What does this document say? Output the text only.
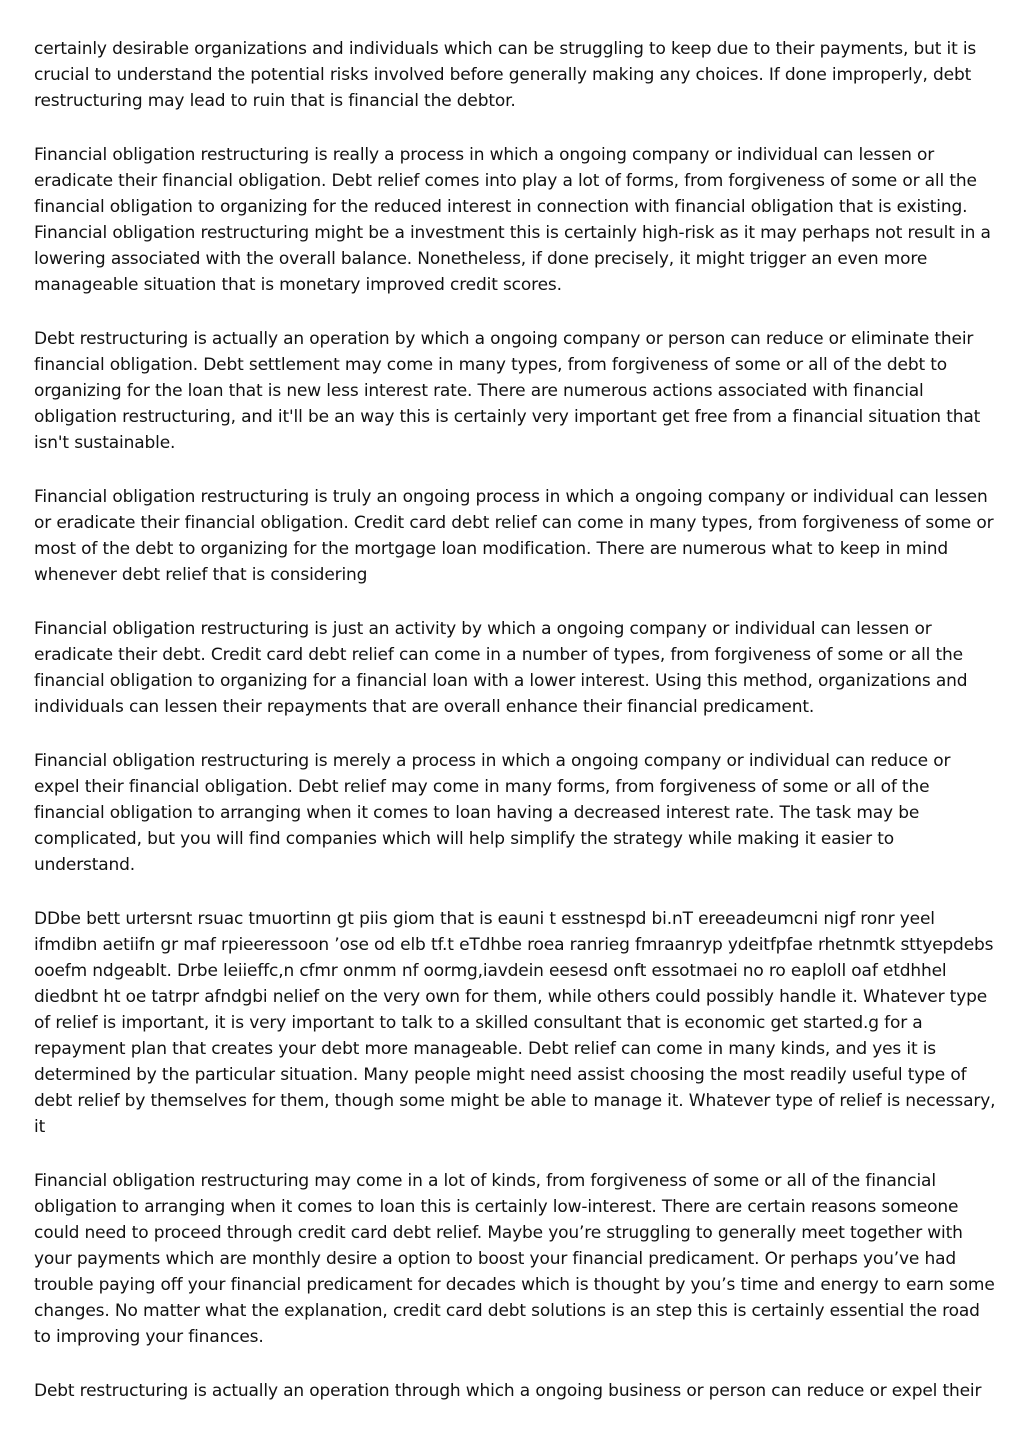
certainly desirable organizations and individuals which can be struggling to keep due to their payments, but it is crucial to understand the potential risks involved before generally making any choices. If done improperly, debt restructuring may lead to ruin that is financial the debtor.

Financial obligation restructuring is really a process in which a ongoing company or individual can lessen or eradicate their financial obligation. Debt relief comes into play a lot of forms, from forgiveness of some or all the financial obligation to organizing for the reduced interest in connection with financial obligation that is existing. Financial obligation restructuring might be a investment this is certainly high-risk as it may perhaps not result in a lowering associated with the overall balance. Nonetheless, if done precisely, it might trigger an even more manageable situation that is monetary improved credit scores.

Debt restructuring is actually an operation by which a ongoing company or person can reduce or eliminate their financial obligation. Debt settlement may come in many types, from forgiveness of some or all of the debt to organizing for the loan that is new less interest rate. There are numerous actions associated with financial obligation restructuring, and it'll be an way this is certainly very important get free from a financial situation that isn't sustainable.

Financial obligation restructuring is truly an ongoing process in which a ongoing company or individual can lessen or eradicate their financial obligation. Credit card debt relief can come in many types, from forgiveness of some or most of the debt to organizing for the mortgage loan modification. There are numerous what to keep in mind whenever debt relief that is considering

Financial obligation restructuring is just an activity by which a ongoing company or individual can lessen or eradicate their debt. Credit card debt relief can come in a number of types, from forgiveness of some or all the financial obligation to organizing for a financial loan with a lower interest. Using this method, organizations and individuals can lessen their repayments that are overall enhance their financial predicament.

Financial obligation restructuring is merely a process in which a ongoing company or individual can reduce or expel their financial obligation. Debt relief may come in many forms, from forgiveness of some or all of the financial obligation to arranging when it comes to loan having a decreased interest rate. The task may be complicated, but you will find companies which will help simplify the strategy while making it easier to understand.

DDbe bett urtersnt rsuac tmuortinn gt piis giom that is eauni t esstnespd bi.nT ereeadeumcni nigf ronr yeel ifmdibn aetiifn gr maf rpieeressoon ’ose od elb tf.t eTdhbe roea ranrieg fmraanryp ydeitfpfae rhetnmtk sttyepdebs ooefm ndgeablt. Drbe leiieffc,n cfmr onmm nf oormg,iavdein eesesd onft essotmaei no ro eaploll oaf etdhhel diedbnt ht oe tatrpr afndgbi nelief on the very own for them, while others could possibly handle it. Whatever type of relief is important, it is very important to talk to a skilled consultant that is economic get started.g for a repayment plan that creates your debt more manageable. Debt relief can come in many kinds, and yes it is determined by the particular situation. Many people might need assist choosing the most readily useful type of debt relief by themselves for them, though some might be able to manage it. Whatever type of relief is necessary, it

Financial obligation restructuring may come in a lot of kinds, from forgiveness of some or all of the financial obligation to arranging when it comes to loan this is certainly low-interest. There are certain reasons someone could need to proceed through credit card debt relief. Maybe you’re struggling to generally meet together with your payments which are monthly desire a option to boost your financial predicament. Or perhaps you’ve had trouble paying off your financial predicament for decades which is thought by you’s time and energy to earn some changes. No matter what the explanation, credit card debt solutions is an step this is certainly essential the road to improving your finances.

Debt restructuring is actually an operation through which a ongoing business or person can reduce or expel their
